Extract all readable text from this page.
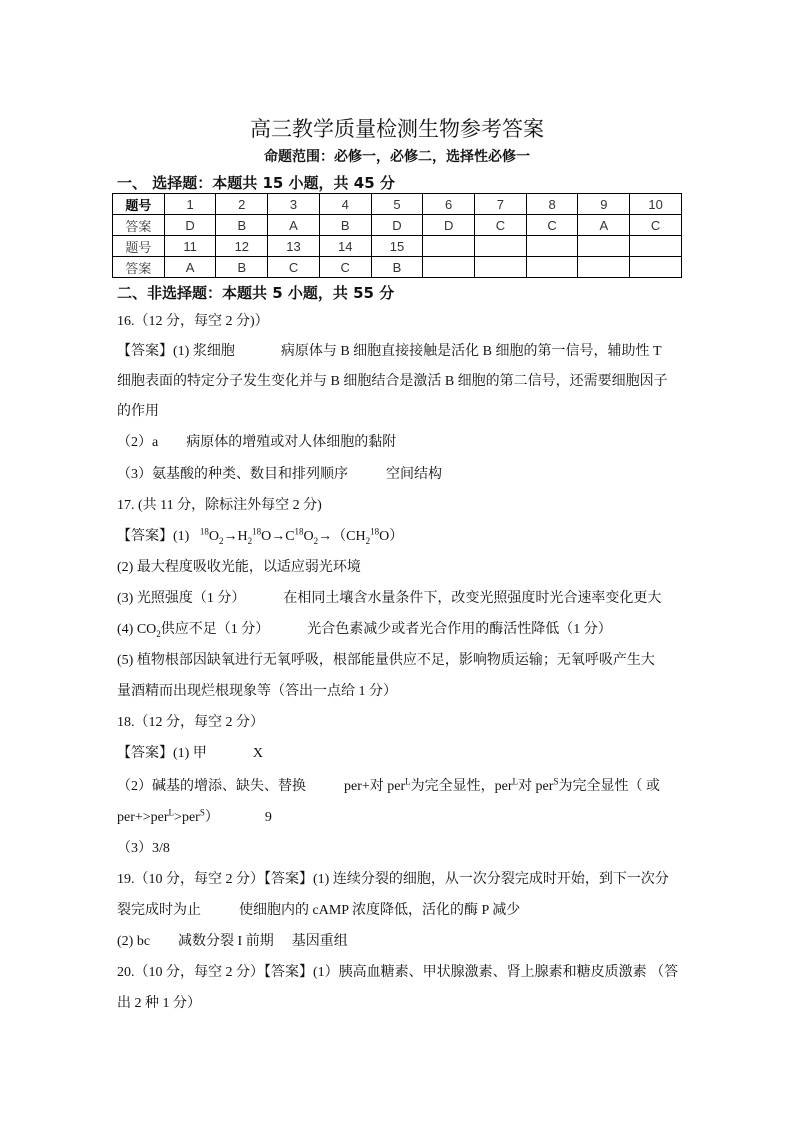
高三教学质量检测生物参考答案
命题范围：必修一，必修二，选择性必修一
一、 选择题：本题共 15 小题，共 45 分
题号	1	2	3	4	5	6	7	8	9	10
答案	D	B	A	B	D	D	C	C	A	C
题号	11	12	13	14	15					
答案	A	B	C	C	B					
二、非选择题：本题共 5 小题，共 55 分
16.（12 分，每空 2 分)）
【答案】(1) 浆细胞	病原体与 B 细胞直接接触是活化 B 细胞的第一信号，辅助性 T
细胞表面的特定分子发生变化并与 B 细胞结合是激活 B 细胞的第二信号，还需要细胞因子
的作用
（2）a 病原体的增殖或对人体细胞的黏附
（3）氨基酸的种类、数目和排列顺序	空间结构
17. (共 11 分，除标注外每空 2 分)
【答案】(1) $^{18}O_2\to H_2^{18}O\to C^{18}O_2\to(CH_2^{18}O)$
(2) 最大程度吸收光能，以适应弱光环境
(3) 光照强度（1 分）	在相同土壤含水量条件下，改变光照强度时光合速率变化更大
(4) $CO_2$供应不足（1 分）	光合色素减少或者光合作用的酶活性降低（1 分）
(5) 植物根部因缺氧进行无氧呼吸，根部能量供应不足，影响物质运输；无氧呼吸产生大
量酒精而出现烂根现象等（答出一点给 1 分）
18.（12 分，每空 2 分）
【答案】(1) 甲	X
（2）碱基的增添、缺失、替换	per+对 per$^L$为完全显性，per$^L$对 per$^S$为完全显性（ 或
per+>per$^L$>per$^S$）	9
（3）3/8
19.（10 分，每空 2 分）【答案】(1) 连续分裂的细胞，从一次分裂完成时开始，到下一次分
裂完成时为止	使细胞内的 cAMP 浓度降低，活化的酶 P 减少
(2) bc 减数分裂 I 前期 基因重组
20.（10 分，每空 2 分）【答案】(1）胰高血糖素、甲状腺激素、肾上腺素和糖皮质激素 （答
出 2 种 1 分）
